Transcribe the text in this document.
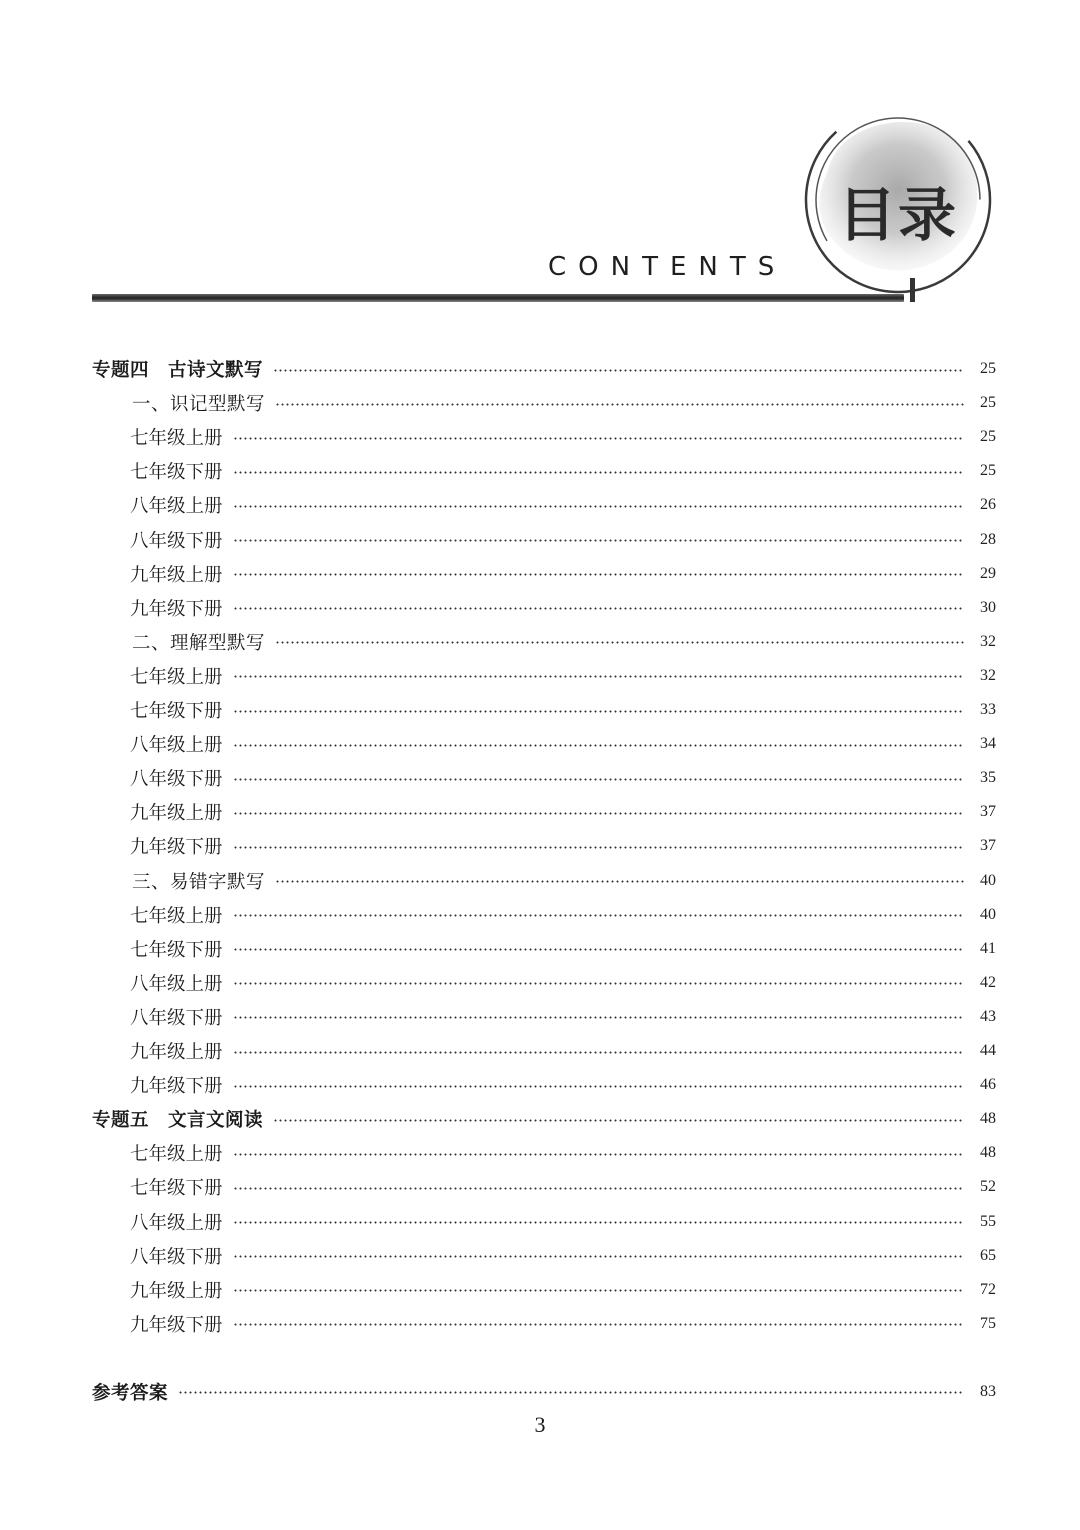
目录
CONTENTS
专题四　古诗文默写	25
一、识记型默写	25
七年级上册	25
七年级下册	25
八年级上册	26
八年级下册	28
九年级上册	29
九年级下册	30
二、理解型默写	32
七年级上册	32
七年级下册	33
八年级上册	34
八年级下册	35
九年级上册	37
九年级下册	37
三、易错字默写	40
七年级上册	40
七年级下册	41
八年级上册	42
八年级下册	43
九年级上册	44
九年级下册	46
专题五　文言文阅读	48
七年级上册	48
七年级下册	52
八年级上册	55
八年级下册	65
九年级上册	72
九年级下册	75
参考答案	83
3
